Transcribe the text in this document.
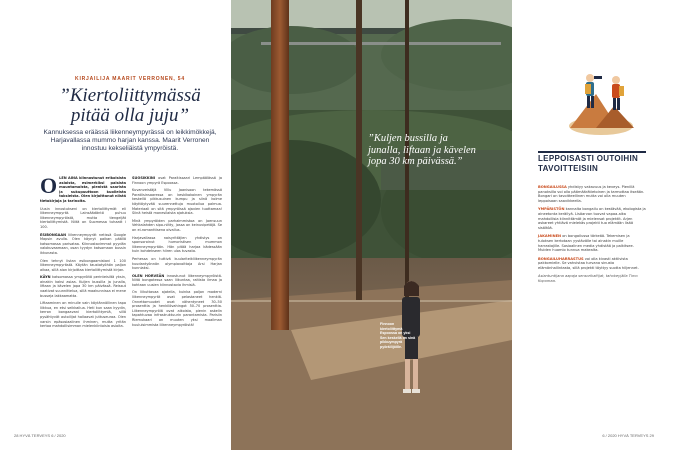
KIRJAILIJA MAARIT VERRONEN, 54
”Kiertoliittymässä pitää olla juju”
Kannuksessa eräässä liikenneympyrässä on leikkimökkejä, Harjavallassa mummo harjan kanssa. Maarit Verronen innostuu kekseliäistä ympyröistä.

OLEN AINA kiinnostunut erikoisista asioista, esimerkiksi paisista muuntamoista, pienistä saarista ja sukupuuttoon kuolleista taksieista. Olen kirjoittanut niistä tietokirjoja ja tarinoita.

Uusin innostukseni on kiertoliittymät eli liikenneympyrät. Lainsäädäntö puhuu liikenneympyröistä, mutta tiengeljät kiertoliittymistä. Niitä on Suomessa tuhaatt i 100.

ESIBONGAAN liikenneympyrät netissä Google Mapsin avulla. Olen käynyt paikan päällä katsomassa parisataa. Kiinnostavimmat pyydän valokuvaamaan, osan tyydyn katsomaan bussin ikkunasta.

Olen tehnyt listan esibongaamistani 1 100 liikenneympyrästä. Käytän taustatyöhön paljon aikaa, sillä aion kirjoittaa kiertoliittymistä kirjan.

KÄYN katsomassa ympyröitä perinteisiltä yksin, ainakin kaksi asiaa. Kuljen bussilla ja junalla, liftaan ja kävelen jopa 30 km päivässä. Reissut vaativat suunnittelua, sillä maakunnissa ei mene busseja lakkaamatta.

Liftaaminen on minulle vain käytännöllinen tapa liikkua, en etsi seikkailua. Heti kun saan kyydin, kerron bongaavani kiertoliittymiä, sillä pysähtyvät autoilijat hallaavat juttuseuraa. Olen varsin epäsosiaalinen ihminen, mutta yritän kertoa mahdollisimman mielenkiintoisia asioita.

SUOSIKKINI ovat Paraitissaari Lempäälässä ja Finnoon ympyrä Espoossa.

Kuvanveistäjä Villu Jaanisoon tekemässä Paratiisinsaaressa on keskikokoinen ympyrän keskellä pikkusuinen kumpu ja siinä kolme käyttäytyvää suurennettuja muotoilua palmua. Materiaali on sitä ympyröissä ajavien tuottamaa! Siinä heistä monesilaista ajatuksia.

Minä ympyröiden parhaimmistoa on Joensuun Vehkalahden sipo-niitty, jossa on keinuvipetäjä. Se on ei-romanttisena oivallus.

Harjavallassa naisyrittäjien yhdistys on sponsoroinut humoristisen mummon liikenneympyrään. Hän pitää harjaa kädessään kuin kohdekseen hiiren ulos tuvasta.

Perhessa on tuttivä kuulariteikliikenneympyrän kuudantyönnön olympiavoittaja Arsi Harjan kunniaksi.

OLEN HORVEÄN innostunut liikenneympyröistä. Niitä bongatessa saan liikuntaa, raitista ilmaa ja kohtaan uusien kiinnostavia ihmisiä.

On liikuttavaa ajatella, kuinka paljon moderni liikenneympyrät ovat pelastaneet henkiä. Onnettomuudet ovat vähentyneet 30–50 prosenttia ja henkilövahingot 50–70 prosenttia. Liikenneympyröiä ovat aikoista, pienin askelin tapahtuvaa infrastruktuurin parantamista. Parisiin Riemukaari on muuten yksi maailman kuuluisimmista liikenneympyröistä!

28 HYVÄ TERVEYS 6 / 2020
”Kuljen bussilla ja junalla, liftaan ja kävelen jopa 30 km päivässä.”
Finnoon kiertoliittymä Espoossa on yksi Sen keskellä on sinä pikkuympyrä pyöräilijöille.
LEPPOISASTI OUTOIHIN TAVOITTEISIIN

BONGAILUSSA yhdistyy vakavuus ja keveys. Pienillä panoksilla voi olla päämäärätietoinen ja tarmottaa itseään. Bongari on tavoitteellinen mutta voi olla muuten leppoisaan saavikkeella.

YMPÄRISTÖN kannalta bongailu on kestävää, ekologista ja aineetonta keräilyä. Lisäarvon tuovat vapaa-aika mahdollisia kiinnittämät ja mielensat projektit. Arjen askareet yhtiävä mielekäs projekti tuo elämään lisää sisältöä.

JAKAMINEN on bongailussa tärkeää. Tekemisen ja tuloksen kertotaan yystävälle tai ainakin muille harrastajille. Sosiaalinen media yhdistää ja palkitsee. Muiden huomio tunnua makealta.

BONGAILUHARRASTUS voi olla kivasti aktiivista pakkomielle. Se vahvistaa turvana sinusta elämänhallintasta, sillä projekti täyttyy suotta hiljennet.

Asiantuntijana aapaja sensorikaltijat, tahokeyjälla Timo Kopomaa.

6 / 2020 HYVÄ TERVEYS 29
